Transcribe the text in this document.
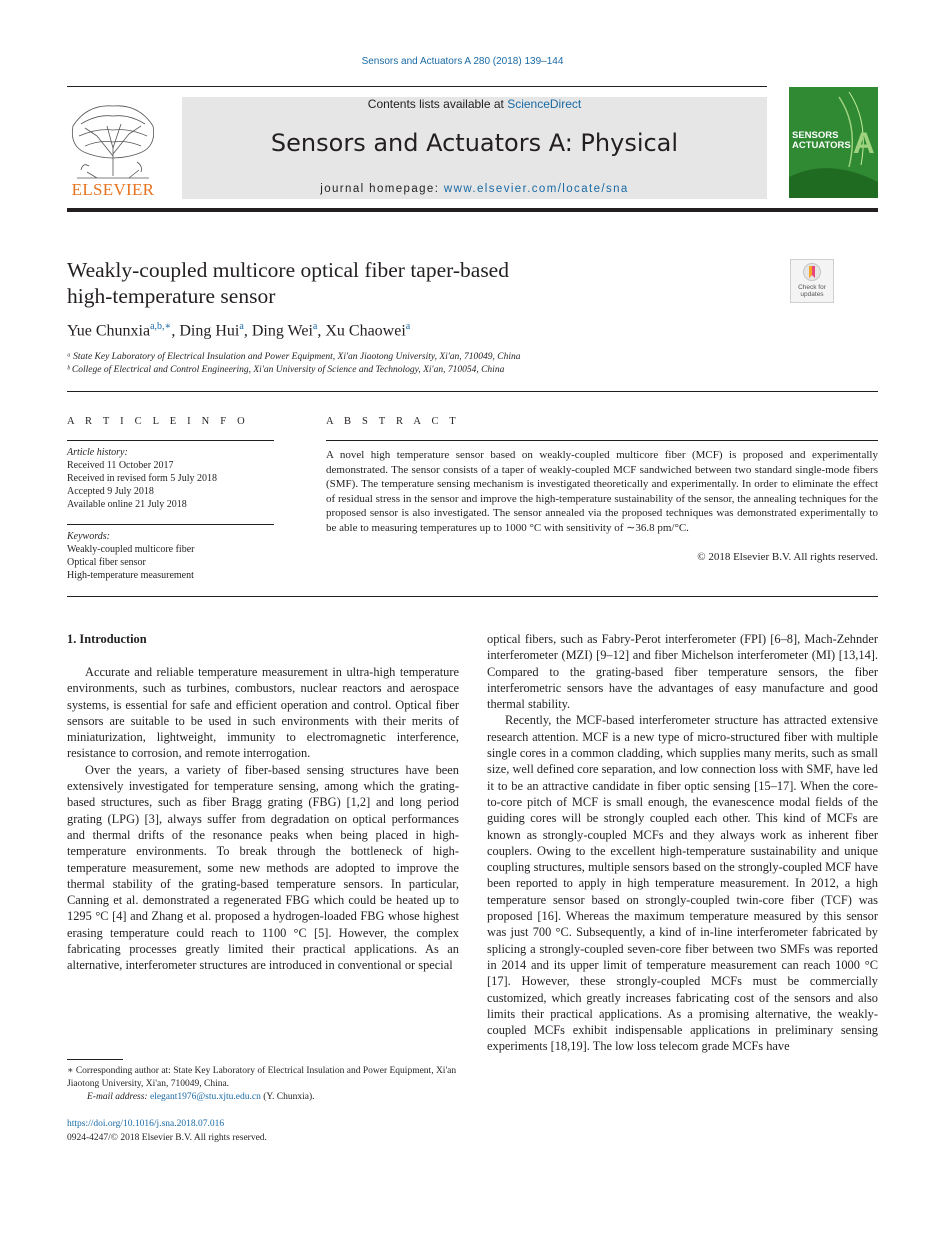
Sensors and Actuators A 280 (2018) 139–144
ELSEVIER
Contents lists available at ScienceDirect
Sensors and Actuators A: Physical
journal homepage: www.elsevier.com/locate/sna
A
SENSORS
ACTUATORS
Weakly-coupled multicore optical fiber taper-based
high-temperature sensor	Check for
updates
Yue Chunxia$^{a,b,∗}$, Ding Hui$^a$, Ding Wei$^a$, Xu Chaowei$^a$
ᵃ State Key Laboratory of Electrical Insulation and Power Equipment, Xi'an Jiaotong University, Xi'an, 710049, China
ᵇ College of Electrical and Control Engineering, Xi'an University of Science and Technology, Xi'an, 710054, China
A R T I C L E I N F O
Article history:
Received 11 October 2017
Received in revised form 5 July 2018
Accepted 9 July 2018
Available online 21 July 2018
Keywords:
Weakly-coupled multicore fiber
Optical fiber sensor
High-temperature measurement
A B S T R A C T
A novel high temperature sensor based on weakly-coupled multicore fiber (MCF) is proposed and experimentally demonstrated. The sensor consists of a taper of weakly-coupled MCF sandwiched between two standard single-mode fibers (SMF). The temperature sensing mechanism is investigated theoretically and experimentally. In order to eliminate the effect of residual stress in the sensor and improve the high-temperature sustainability of the sensor, the annealing techniques for the proposed sensor is also investigated. The sensor annealed via the proposed techniques was demonstrated experimentally to be able to measuring temperatures up to 1000 °C with sensitivity of ∼36.8 pm/°C.
© 2018 Elsevier B.V. All rights reserved.
1. Introduction

Accurate and reliable temperature measurement in ultra-high temperature environments, such as turbines, combustors, nuclear reactors and aerospace systems, is essential for safe and efficient operation and control. Optical fiber sensors are suitable to be used in such environments with their merits of miniaturization, lightweight, immunity to electromagnetic interference, resistance to corrosion, and remote interrogation.

Over the years, a variety of fiber-based sensing structures have been extensively investigated for temperature sensing, among which the grating-based structures, such as fiber Bragg grating (FBG) [1,2] and long period grating (LPG) [3], always suffer from degradation on optical performances and thermal drifts of the resonance peaks when being placed in high-temperature environments. To break through the bottleneck of high-temperature measurement, some new methods are adopted to improve the thermal stability of the grating-based temperature sensors. In particular, Canning et al. demonstrated a regenerated FBG which could be heated up to 1295 °C [4] and Zhang et al. proposed a hydrogen-loaded FBG whose highest erasing temperature could reach to 1100 °C [5]. However, the complex fabricating processes greatly limited their practical applications. As an alternative, interferometer structures are introduced in conventional or special

optical fibers, such as Fabry-Perot interferometer (FPI) [6–8], Mach-Zehnder interferometer (MZI) [9–12] and fiber Michelson interferometer (MI) [13,14]. Compared to the grating-based fiber temperature sensors, the fiber interferometric sensors have the advantages of easy manufacture and good thermal stability.

Recently, the MCF-based interferometer structure has attracted extensive research attention. MCF is a new type of micro-structured fiber with multiple single cores in a common cladding, which supplies many merits, such as small size, well defined core separation, and low connection loss with SMF, have led it to be an attractive candidate in fiber optic sensing [15–17]. When the core-to-core pitch of MCF is small enough, the evanescence modal fields of the guiding cores will be strongly coupled each other. This kind of MCFs are known as strongly-coupled MCFs and they always work as inherent fiber couplers. Owing to the excellent high-temperature sustainability and unique coupling structures, multiple sensors based on the strongly-coupled MCF have been reported to apply in high temperature measurement. In 2012, a high temperature sensor based on strongly-coupled twin-core fiber (TCF) was proposed [16]. Whereas the maximum temperature measured by this sensor was just 700 °C. Subsequently, a kind of in-line interferometer fabricated by splicing a strongly-coupled seven-core fiber between two SMFs was reported in 2014 and its upper limit of temperature measurement can reach 1000 °C [17]. However, these strongly-coupled MCFs must be commercially customized, which greatly increases fabricating cost of the sensors and also limits their practical applications. As a promising alternative, the weakly-coupled MCFs exhibit indispensable applications in preliminary sensing experiments [18,19]. The low loss telecom grade MCFs have

∗ Corresponding author at: State Key Laboratory of Electrical Insulation and Power Equipment, Xi'an Jiaotong University, Xi'an, 710049, China.
E-mail address: elegant1976@stu.xjtu.edu.cn (Y. Chunxia).
https://doi.org/10.1016/j.sna.2018.07.016
0924-4247/© 2018 Elsevier B.V. All rights reserved.
